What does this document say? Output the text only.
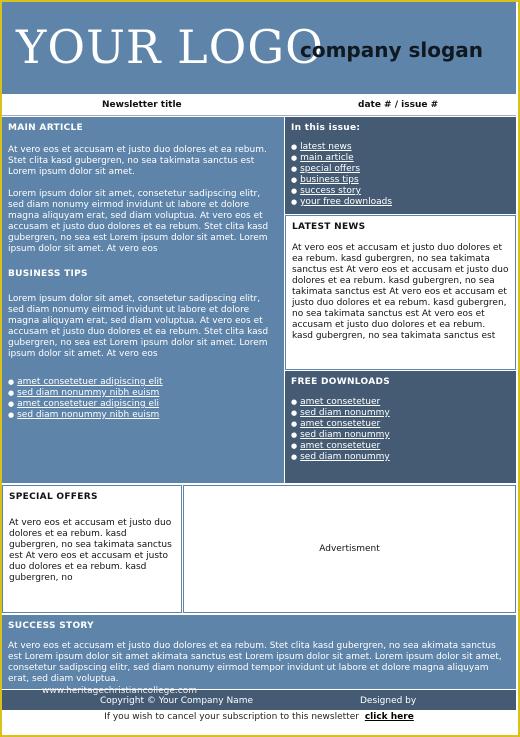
YOUR LOGO
company slogan
Newsletter title	date # / issue #
MAIN ARTICLE

At vero eos et accusam et justo duo dolores et ea rebum. Stet clita kasd gubergren, no sea takimata sanctus est Lorem ipsum dolor sit amet.

Lorem ipsum dolor sit amet, consetetur sadipscing elitr, sed diam nonumy eirmod invidunt ut labore et dolore magna aliquyam erat, sed diam voluptua. At vero eos et accusam et justo duo dolores et ea rebum. Stet clita kasd gubergren, no sea est Lorem ipsum dolor sit amet. Lorem ipsum dolor sit amet. At vero eos

BUSINESS TIPS

Lorem ipsum dolor sit amet, consetetur sadipscing elitr, sed diam nonumy eirmod invidunt ut labore et dolore magna aliquyam erat, sed diam voluptua. At vero eos et accusam et justo duo dolores et ea rebum. Stet clita kasd gubergren, no sea est Lorem ipsum dolor sit amet. Lorem ipsum dolor sit amet. At vero eos

● amet consetetuer adipiscing elit
● sed diam nonummy nibh euism
● amet consetetuer adipiscing eli
● sed diam nonummy nibh euism
In this issue:
● latest news
● main article
● special offers
● business tips
● success story
● your free downloads
LATEST NEWS

At vero eos et accusam et justo duo dolores et ea rebum. kasd gubergren, no sea takimata sanctus est At vero eos et accusam et justo duo dolores et ea rebum. kasd gubergren, no sea takimata sanctus est At vero eos et accusam et justo duo dolores et ea rebum. kasd gubergren, no sea takimata sanctus est At vero eos et accusam et justo duo dolores et ea rebum. kasd gubergren, no sea takimata sanctus est

FREE DOWNLOADS
● amet consetetuer
● sed diam nonummy
● amet consetetuer
● sed diam nonummy
● amet consetetuer
● sed diam nonummy
SPECIAL OFFERS

At vero eos et accusam et justo duo dolores et ea rebum. kasd gubergren, no sea takimata sanctus est At vero eos et accusam et justo duo dolores et ea rebum. kasd gubergren, no

Advertisment
SUCCESS STORY

At vero eos et accusam et justo duo dolores et ea rebum. Stet clita kasd gubergren, no sea akimata sanctus est Lorem ipsum dolor sit amet akimata sanctus est Lorem ipsum dolor sit amet. Lorem ipsum dolor sit amet, consetetur sadipscing elitr, sed diam nonumy eirmod tempor invidunt ut labore et dolore magna aliquyam erat, sed diam voluptua.

www.heritagechristiancollege.com
Copyright © Your Company Name	Designed by
If you wish to cancel your subscription to this newsletter click here
